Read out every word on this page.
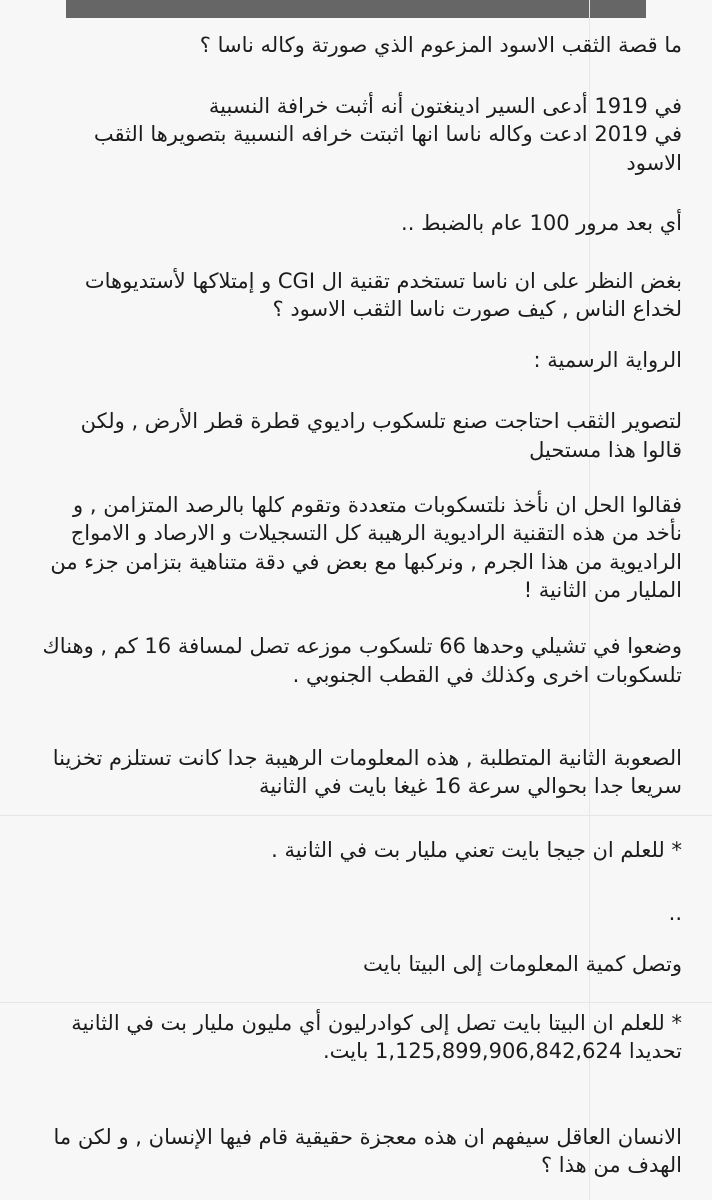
ما قصة الثقب الاسود المزعوم الذي صورتة وكاله ناسا ؟
في 1919 أدعى السير ادينغتون أنه أثبت خرافة النسبية
في 2019 ادعت وكاله ناسا انها اثبتت خرافه النسبية بتصويرها الثقب
الاسود
أي بعد مرور 100 عام بالضبط ..
بغض النظر على ان ناسا تستخدم تقنية ال CGI و إمتلاكها لأستديوهات
لخداع الناس , كيف صورت ناسا الثقب الاسود ؟
الرواية الرسمية :
لتصوير الثقب احتاجت صنع تلسكوب راديوي قطرة قطر الأرض , ولكن
قالوا هذا مستحيل
فقالوا الحل ان نأخذ نلتسكوبات متعددة وتقوم كلها بالرصد المتزامن , و
نأخد من هذه التقنية الراديوية الرهيبة كل التسجيلات و الارصاد و الامواج
الراديوية من هذا الجرم , ونركبها مع بعض في دقة متناهية بتزامن جزء من
المليار من الثانية !
وضعوا في تشيلي وحدها 66 تلسكوب موزعه تصل لمسافة 16 كم , وهناك
تلسكوبات اخرى وكذلك في القطب الجنوبي .
الصعوبة الثانية المتطلبة , هذه المعلومات الرهيبة جدا كانت تستلزم تخزينا
سريعا جدا بحوالي سرعة 16 غيغا بايت في الثانية
* للعلم ان جيجا بايت تعني مليار بت في الثانية .
..
وتصل كمية المعلومات إلى البيتا بايت
* للعلم ان البيتا بايت تصل إلى كوادرليون أي مليون مليار بت في الثانية
تحديدا 1,125,899,906,842,624 بايت.
الانسان العاقل سيفهم ان هذه معجزة حقيقية قام فيها الإنسان , و لكن ما
الهدف من هذا ؟
